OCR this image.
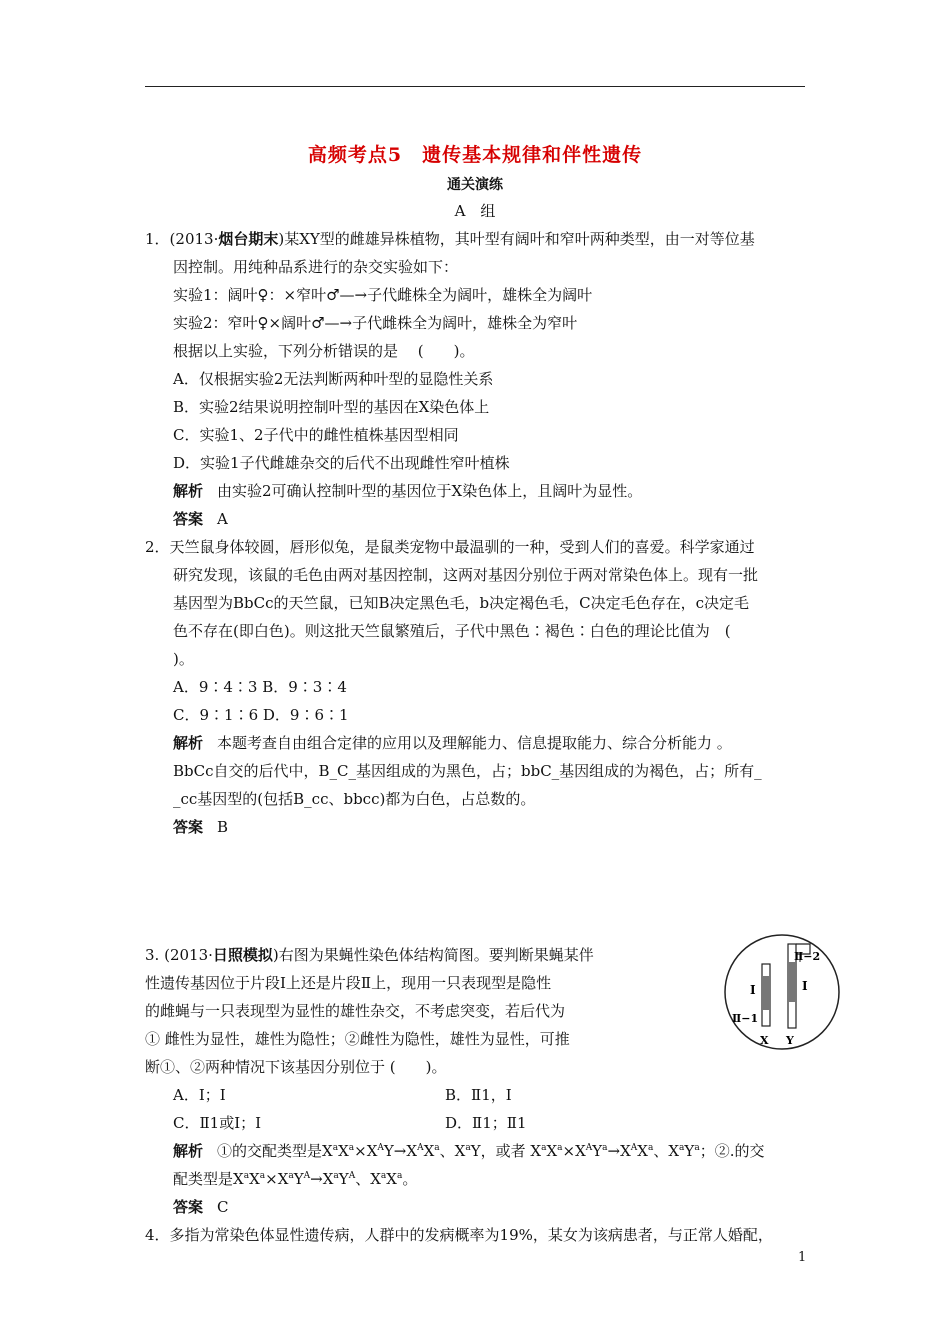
高频考点5　遗传基本规律和伴性遗传
通关演练
A　组
1．(2013·烟台期末)某XY型的雌雄异株植物，其叶型有阔叶和窄叶两种类型，由一对等位基
因控制。用纯种品系进行的杂交实验如下：
实验1：阔叶♀：×窄叶♂—→子代雌株全为阔叶，雄株全为阔叶
实验2：窄叶♀×阔叶♂—→子代雌株全为阔叶，雄株全为窄叶
根据以上实验，下列分析错误的是　 (　　)。
A．仅根据实验2无法判断两种叶型的显隐性关系
B．实验2结果说明控制叶型的基因在X染色体上
C．实验1、2子代中的雌性植株基因型相同
D．实验1子代雌雄杂交的后代不出现雌性窄叶植株
解析 由实验2可确认控制叶型的基因位于X染色体上，且阔叶为显性。
答案 A
2．天竺鼠身体较圆，唇形似兔，是鼠类宠物中最温驯的一种，受到人们的喜爱。科学家通过
研究发现，该鼠的毛色由两对基因控制，这两对基因分别位于两对常染色体上。现有一批
基因型为BbCc的天竺鼠，已知B决定黑色毛，b决定褐色毛，C决定毛色存在，c决定毛
色不存在(即白色)。则这批天竺鼠繁殖后，子代中黑色∶褐色∶白色的理论比值为　(
)。
A．9∶4∶3 B．9∶3∶4
C．9∶1∶6 D．9∶6∶1
解析 本题考查自由组合定律的应用以及理解能力、信息提取能力、综合分析能力 。
BbCc自交的后代中，B_C_基因组成的为黑色，占；bbC_基因组成的为褐色，占；所有_
_cc基因型的(包括B_cc、bbcc)都为白色，占总数的。
答案 B
3. (2013·日照模拟)右图为果蝇性染色体结构简图。要判断果蝇某伴
性遗传基因位于片段Ⅰ上还是片段Ⅱ上，现用一只表现型是隐性
的雌蝇与一只表现型为显性的雄性杂交，不考虑突变，若后代为
① 雌性为显性，雄性为隐性；②雌性为隐性，雄性为显性，可推
断①、②两种情况下该基因分别位于 (　　)。
A．Ⅰ；Ⅰ	B．Ⅱ1，Ⅰ
C．Ⅱ1或Ⅰ；Ⅰ	D．Ⅱ1；Ⅱ1
解析 ①的交配类型是$X^aX^a\times X^AY\to X^AX^a$、$X^aY$，或者 $X^aX^a\times X^AY^a\to X^AX^a$、$X^aY^a$；②.的交
配类型是$X^aX^a\times X^aY^A\to X^aY^A$、$X^aX^a$。
答案 C
Ⅱ−2
Ⅰ	Ⅰ
Ⅱ−1
X Y
4．多指为常染色体显性遗传病，人群中的发病概率为19%，某女为该病患者，与正常人婚配，
1
